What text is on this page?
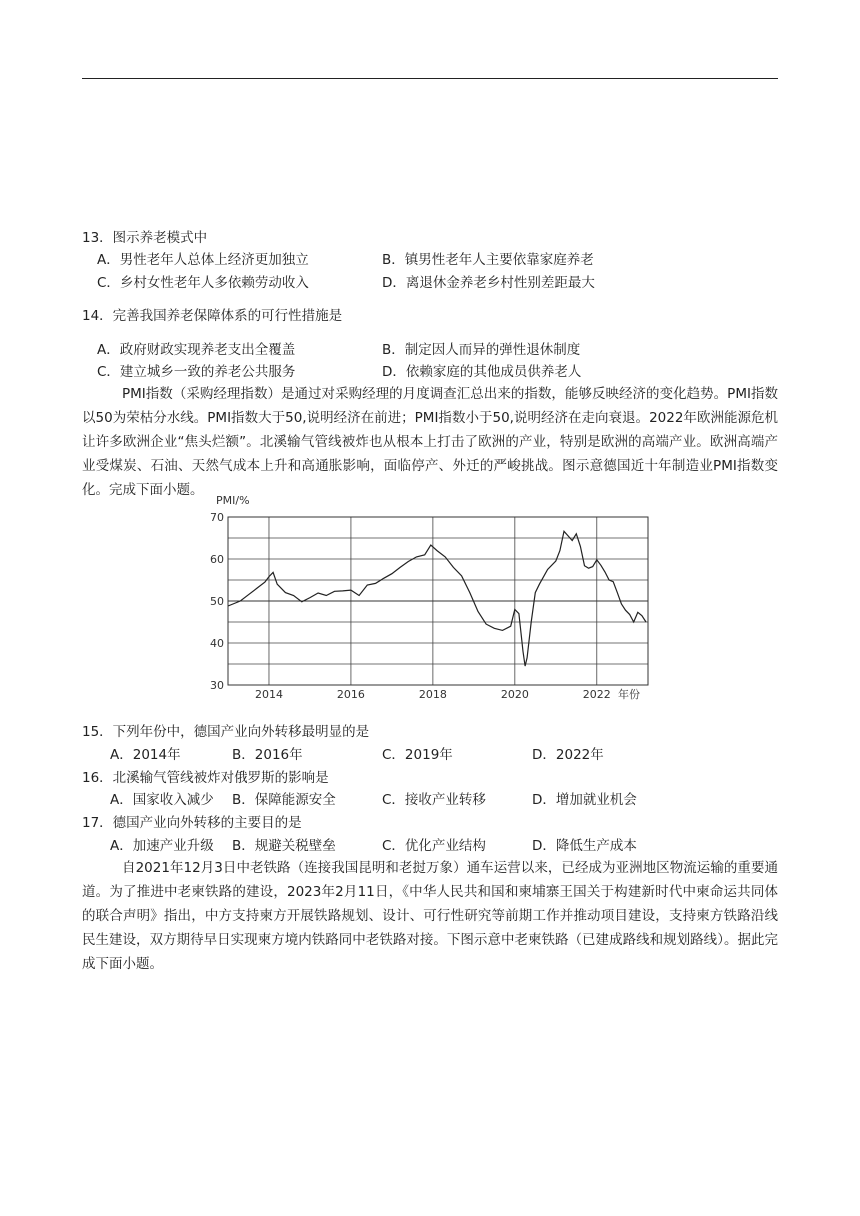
13．图示养老模式中
A．男性老年人总体上经济更加独立	B．镇男性老年人主要依靠家庭养老
C．乡村女性老年人多依赖劳动收入	D．离退休金养老乡村性别差距最大
14．完善我国养老保障体系的可行性措施是
A．政府财政实现养老支出全覆盖	B．制定因人而异的弹性退休制度
C．建立城乡一致的养老公共服务	D．依赖家庭的其他成员供养老人
PMI指数（采购经理指数）是通过对采购经理的月度调查汇总出来的指数，能够反映经济的变化趋势。PMI指数以50为荣枯分水线。PMI指数大于50,说明经济在前进；PMI指数小于50,说明经济在走向衰退。2022年欧洲能源危机让许多欧洲企业“焦头烂额”。北溪输气管线被炸也从根本上打击了欧洲的产业，特别是欧洲的高端产业。欧洲高端产业受煤炭、石油、天然气成本上升和高通胀影响，面临停产、外迁的严峻挑战。图示意德国近十年制造业PMI指数变化。完成下面小题。
30
40
50
60
70
2014	2016	2018	2020	2022
PMI/%
年份
15．下列年份中，德国产业向外转移最明显的是
A．2014年	B．2016年	C．2019年	D．2022年
16．北溪输气管线被炸对俄罗斯的影响是
A．国家收入减少 B．保障能源安全	C．接收产业转移	D．增加就业机会
17．德国产业向外转移的主要目的是
A．加速产业升级 B．规避关税壁垒	C．优化产业结构	D．降低生产成本
自2021年12月3日中老铁路（连接我国昆明和老挝万象）通车运营以来，已经成为亚洲地区物流运输的重要通道。为了推进中老柬铁路的建设，2023年2月11日，《中华人民共和国和柬埔寨王国关于构建新时代中柬命运共同体的联合声明》指出，中方支持柬方开展铁路规划、设计、可行性研究等前期工作并推动项目建设，支持柬方铁路沿线民生建设，双方期待早日实现柬方境内铁路同中老铁路对接。下图示意中老柬铁路（已建成路线和规划路线）。据此完成下面小题。
